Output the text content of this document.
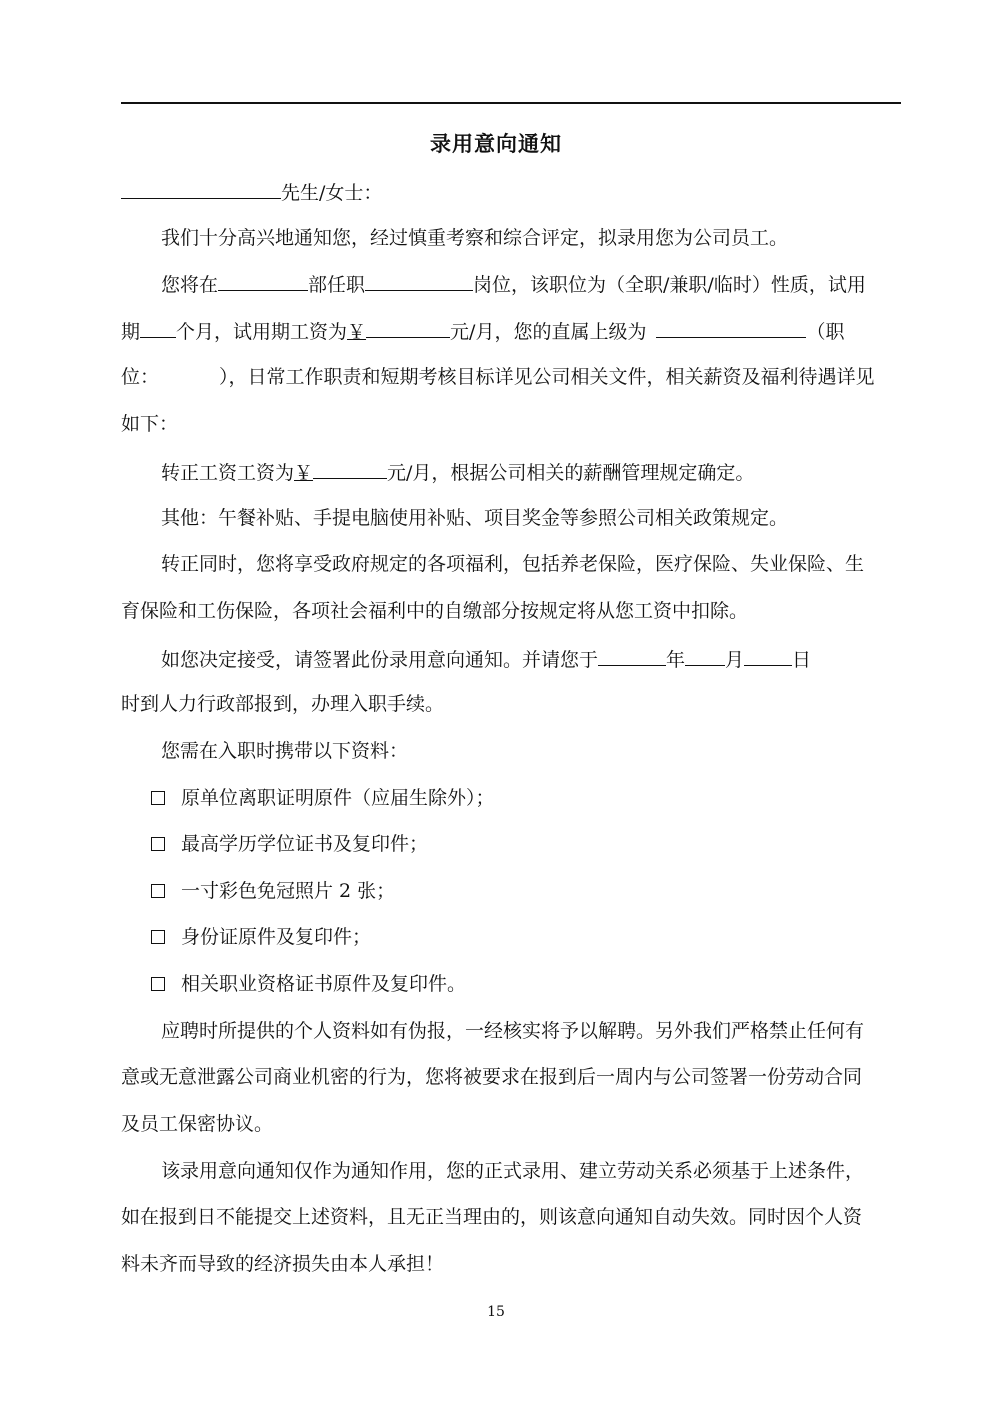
录用意向通知
先生/女士：
我们十分高兴地通知您，经过慎重考察和综合评定，拟录用您为公司员工。
您将在	部任职	岗位，该职位为（全职/兼职/临时）性质，试用
期 个月，试用期工资为￥	元/月，您的直属上级为	（职
位：	），日常工作职责和短期考核目标详见公司相关文件，相关薪资及福利待遇详见
如下：
转正工资工资为￥	元/月，根据公司相关的薪酬管理规定确定。
其他：午餐补贴、手提电脑使用补贴、项目奖金等参照公司相关政策规定。
转正同时，您将享受政府规定的各项福利，包括养老保险，医疗保险、失业保险、生
育保险和工伤保险，各项社会福利中的自缴部分按规定将从您工资中扣除。
如您决定接受，请签署此份录用意向通知。并请您于	年 月	日
时到人力行政部报到，办理入职手续。
您需在入职时携带以下资料：
原单位离职证明原件（应届生除外）；
最高学历学位证书及复印件；
一寸彩色免冠照片 2 张；
身份证原件及复印件；
相关职业资格证书原件及复印件。
应聘时所提供的个人资料如有伪报，一经核实将予以解聘。另外我们严格禁止任何有
意或无意泄露公司商业机密的行为，您将被要求在报到后一周内与公司签署一份劳动合同
及员工保密协议。
该录用意向通知仅作为通知作用，您的正式录用、建立劳动关系必须基于上述条件，
如在报到日不能提交上述资料，且无正当理由的，则该意向通知自动失效。同时因个人资
料未齐而导致的经济损失由本人承担！
15
